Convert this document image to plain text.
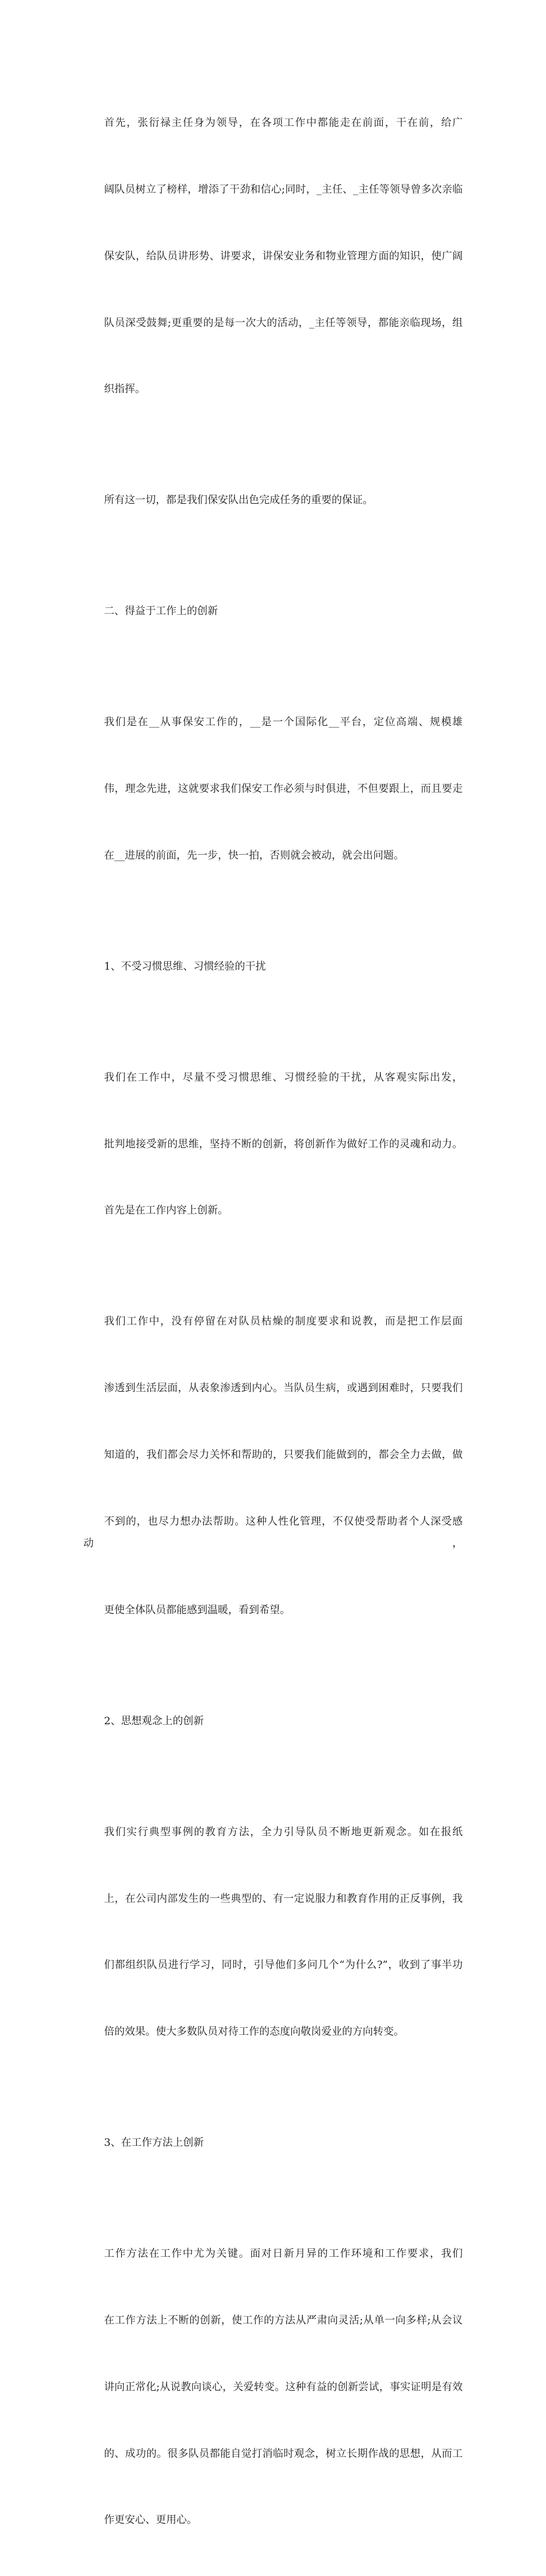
首先，张衍禄主任身为领导，在各项工作中都能走在前面，干在前，给广

阔队员树立了榜样，增添了干劲和信心;同时，_主任、_主任等领导曾多次亲临

保安队，给队员讲形势、讲要求，讲保安业务和物业管理方面的知识，使广阔

队员深受鼓舞;更重要的是每一次大的活动，_主任等领导，都能亲临现场，组

织指挥。

所有这一切，都是我们保安队出色完成任务的重要的保证。

二、得益于工作上的创新

我们是在__从事保安工作的，__是一个国际化__平台，定位高端、规模雄

伟，理念先进，这就要求我们保安工作必须与时俱进，不但要跟上，而且要走

在__进展的前面，先一步，快一拍，否则就会被动，就会出问题。

1、不受习惯思维、习惯经验的干扰

我们在工作中，尽量不受习惯思维、习惯经验的干扰，从客观实际出发，

批判地接受新的思维，坚持不断的创新，将创新作为做好工作的灵魂和动力。

首先是在工作内容上创新。

我们工作中，没有停留在对队员枯燥的制度要求和说教，而是把工作层面

渗透到生活层面，从表象渗透到内心。当队员生病，或遇到困难时，只要我们

知道的，我们都会尽力关怀和帮助的，只要我们能做到的，都会全力去做，做

不到的，也尽力想办法帮助。这种人性化管理，不仅使受帮助者个人深受感动，

更使全体队员都能感到温暖，看到希望。

2、思想观念上的创新

我们实行典型事例的教育方法，全力引导队员不断地更新观念。如在报纸

上，在公司内部发生的一些典型的、有一定说服力和教育作用的正反事例，我

们都组织队员进行学习，同时，引导他们多问几个“为什么?”，收到了事半功

倍的效果。使大多数队员对待工作的态度向敬岗爱业的方向转变。

3、在工作方法上创新

工作方法在工作中尤为关键。面对日新月异的工作环境和工作要求，我们

在工作方法上不断的创新，使工作的方法从严肃向灵活;从单一向多样;从会议

讲向正常化;从说教向谈心，关爱转变。这种有益的创新尝试，事实证明是有效

的、成功的。很多队员都能自觉打消临时观念，树立长期作战的思想，从而工

作更安心、更用心。
